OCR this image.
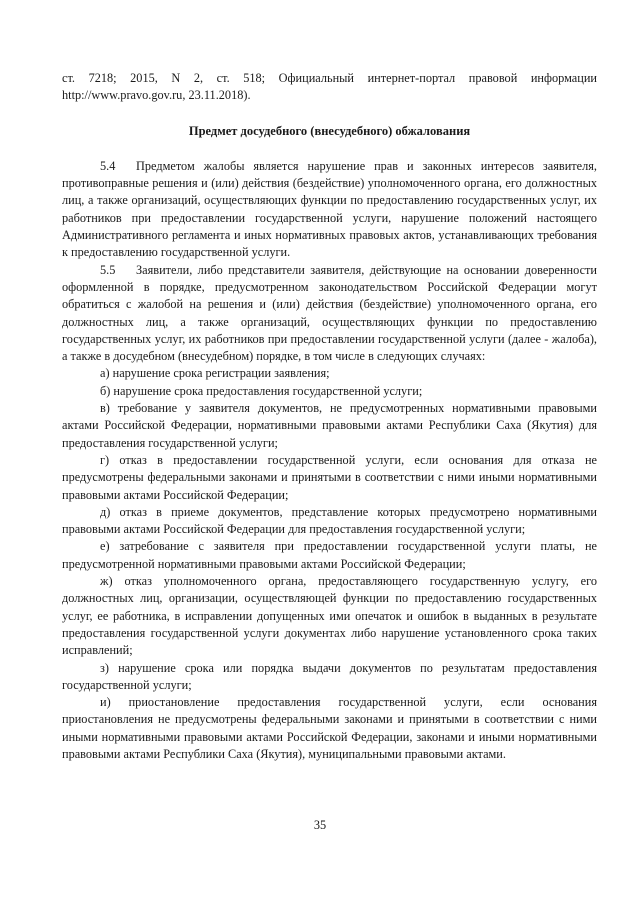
ст. 7218; 2015, N 2, ст. 518; Официальный интернет-портал правовой информации http://www.pravo.gov.ru, 23.11.2018).

Предмет досудебного (внесудебного) обжалования

5.4 Предметом жалобы является нарушение прав и законных интересов заявителя, противоправные решения и (или) действия (бездействие) уполномоченного органа, его должностных лиц, а также организаций, осуществляющих функции по предоставлению государственных услуг, их работников при предоставлении государственной услуги, нарушение положений настоящего Административного регламента и иных нормативных правовых актов, устанавливающих требования к предоставлению государственной услуги.

5.5 Заявители, либо представители заявителя, действующие на основании доверенности оформленной в порядке, предусмотренном законодательством Российской Федерации могут обратиться с жалобой на решения и (или) действия (бездействие) уполномоченного органа, его должностных лиц, а также организаций, осуществляющих функции по предоставлению государственных услуг, их работников при предоставлении государственной услуги (далее - жалоба), а также в досудебном (внесудебном) порядке, в том числе в следующих случаях:

а) нарушение срока регистрации заявления;

б) нарушение срока предоставления государственной услуги;

в) требование у заявителя документов, не предусмотренных нормативными правовыми актами Российской Федерации, нормативными правовыми актами Республики Саха (Якутия) для предоставления государственной услуги;

г) отказ в предоставлении государственной услуги, если основания для отказа не предусмотрены федеральными законами и принятыми в соответствии с ними иными нормативными правовыми актами Российской Федерации;

д) отказ в приеме документов, представление которых предусмотрено нормативными правовыми актами Российской Федерации для предоставления государственной услуги;

е) затребование с заявителя при предоставлении государственной услуги платы, не предусмотренной нормативными правовыми актами Российской Федерации;

ж) отказ уполномоченного органа, предоставляющего государственную услугу, его должностных лиц, организации, осуществляющей функции по предоставлению государственных услуг, ее работника, в исправлении допущенных ими опечаток и ошибок в выданных в результате предоставления государственной услуги документах либо нарушение установленного срока таких исправлений;

з) нарушение срока или порядка выдачи документов по результатам предоставления государственной услуги;

и) приостановление предоставления государственной услуги, если основания приостановления не предусмотрены федеральными законами и принятыми в соответствии с ними иными нормативными правовыми актами Российской Федерации, законами и иными нормативными правовыми актами Республики Саха (Якутия), муниципальными правовыми актами.

35
